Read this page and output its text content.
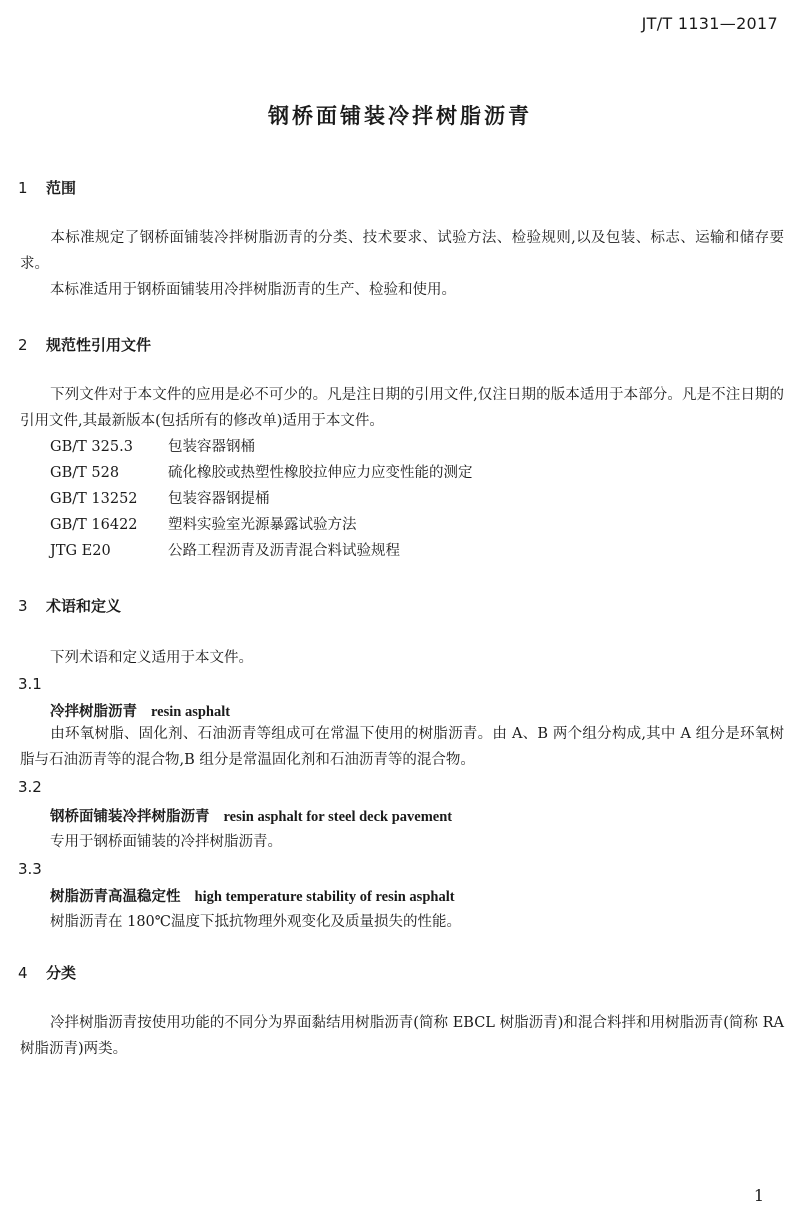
JT/T 1131—2017
钢桥面铺装冷拌树脂沥青
1 范围
本标准规定了钢桥面铺装冷拌树脂沥青的分类、技术要求、试验方法、检验规则,以及包装、标志、运输和储存要求。
本标准适用于钢桥面铺装用冷拌树脂沥青的生产、检验和使用。
2 规范性引用文件
下列文件对于本文件的应用是必不可少的。凡是注日期的引用文件,仅注日期的版本适用于本部分。凡是不注日期的引用文件,其最新版本(包括所有的修改单)适用于本文件。
GB/T 325.3 包装容器钢桶
GB/T 528	硫化橡胶或热塑性橡胶拉伸应力应变性能的测定
GB/T 13252 包装容器钢提桶
GB/T 16422 塑料实验室光源暴露试验方法
JTG E20	公路工程沥青及沥青混合料试验规程
3 术语和定义
下列术语和定义适用于本文件。
3.1
冷拌树脂沥青 resin asphalt
由环氧树脂、固化剂、石油沥青等组成可在常温下使用的树脂沥青。由 A、B 两个组分构成,其中 A 组分是环氧树脂与石油沥青等的混合物,B 组分是常温固化剂和石油沥青等的混合物。
3.2
钢桥面铺装冷拌树脂沥青 resin asphalt for steel deck pavement
专用于钢桥面铺装的冷拌树脂沥青。
3.3
树脂沥青高温稳定性 high temperature stability of resin asphalt
树脂沥青在 180℃温度下抵抗物理外观变化及质量损失的性能。
4 分类
冷拌树脂沥青按使用功能的不同分为界面黏结用树脂沥青(简称 EBCL 树脂沥青)和混合料拌和用树脂沥青(简称 RA 树脂沥青)两类。
1
